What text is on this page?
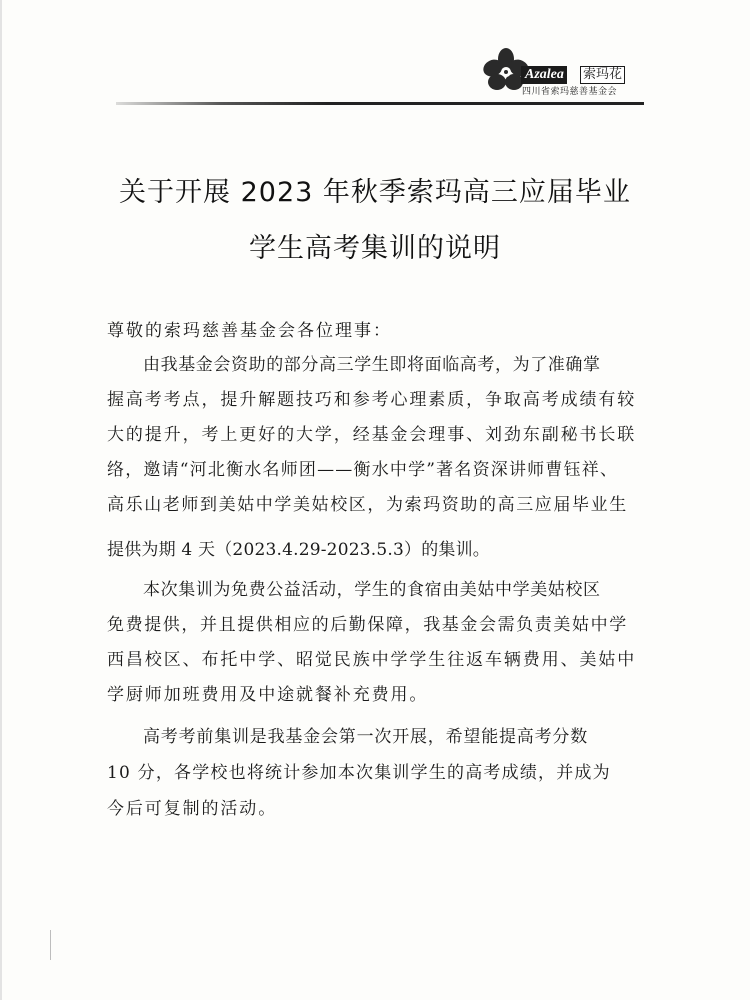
Azalea 索玛花
四川省索玛慈善基金会
关于开展 2023 年秋季索玛高三应届毕业
学生高考集训的说明
尊敬的索玛慈善基金会各位理事：
由我基金会资助的部分高三学生即将面临高考，为了准确掌
握高考考点，提升解题技巧和参考心理素质，争取高考成绩有较
大的提升，考上更好的大学，经基金会理事、刘劲东副秘书长联
络，邀请“河北衡水名师团——衡水中学”著名资深讲师曹钰祥、
高乐山老师到美姑中学美姑校区，为索玛资助的高三应届毕业生
提供为期 4 天（2023.4.29-2023.5.3）的集训。
本次集训为免费公益活动，学生的食宿由美姑中学美姑校区
免费提供，并且提供相应的后勤保障，我基金会需负责美姑中学
西昌校区、布托中学、昭觉民族中学学生往返车辆费用、美姑中
学厨师加班费用及中途就餐补充费用。
高考考前集训是我基金会第一次开展，希望能提高考分数
10 分，各学校也将统计参加本次集训学生的高考成绩，并成为
今后可复制的活动。
